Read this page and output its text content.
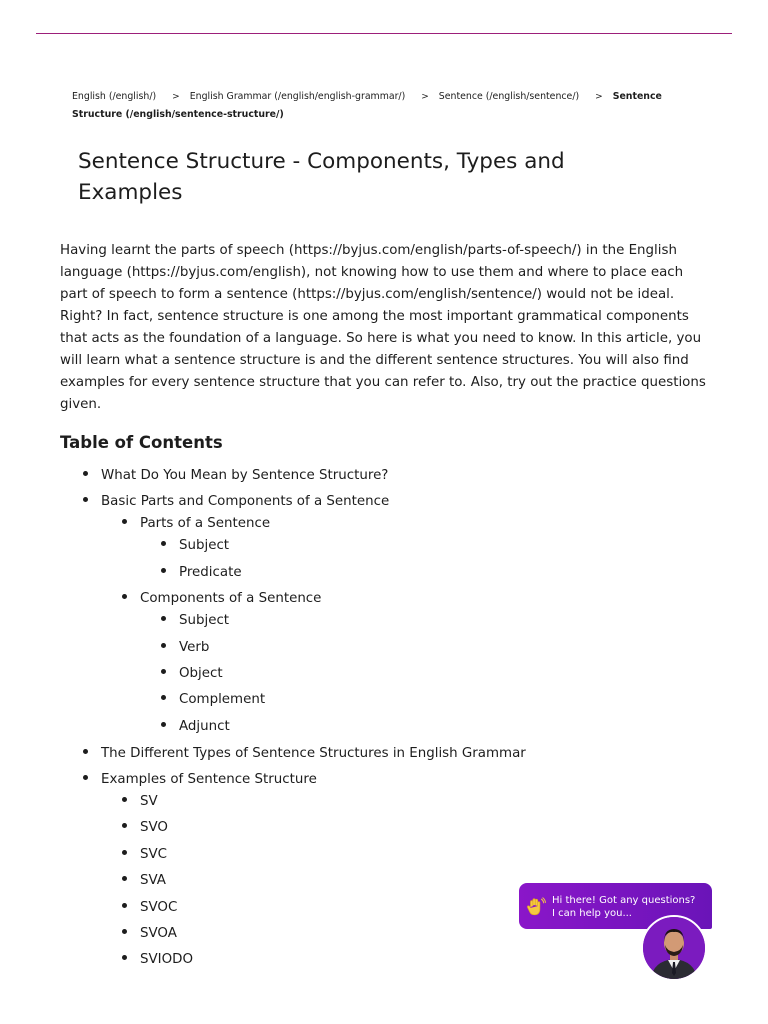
English (/english/) > English Grammar (/english/english-grammar/) > Sentence (/english/sentence/) > Sentence
Structure (/english/sentence-structure/)
Sentence Structure - Components, Types and Examples

Having learnt the parts of speech (https://byjus.com/english/parts-of-speech/) in the English language (https://byjus.com/english), not knowing how to use them and where to place each part of speech to form a sentence (https://byjus.com/english/sentence/) would not be ideal. Right? In fact, sentence structure is one among the most important grammatical components that acts as the foundation of a language. So here is what you need to know. In this article, you will learn what a sentence structure is and the different sentence structures. You will also find examples for every sentence structure that you can refer to. Also, try out the practice questions given.

Table of Contents
What Do You Mean by Sentence Structure?
Basic Parts and Components of a Sentence
Parts of a Sentence
Subject
Predicate
Components of a Sentence
Subject
Verb
Object
Complement
Adjunct
The Different Types of Sentence Structures in English Grammar
Examples of Sentence Structure
SV
SVO
SVC
SVA
SVOC
SVOA
SVIODO
Hi there! Got any questions?
I can help you...
